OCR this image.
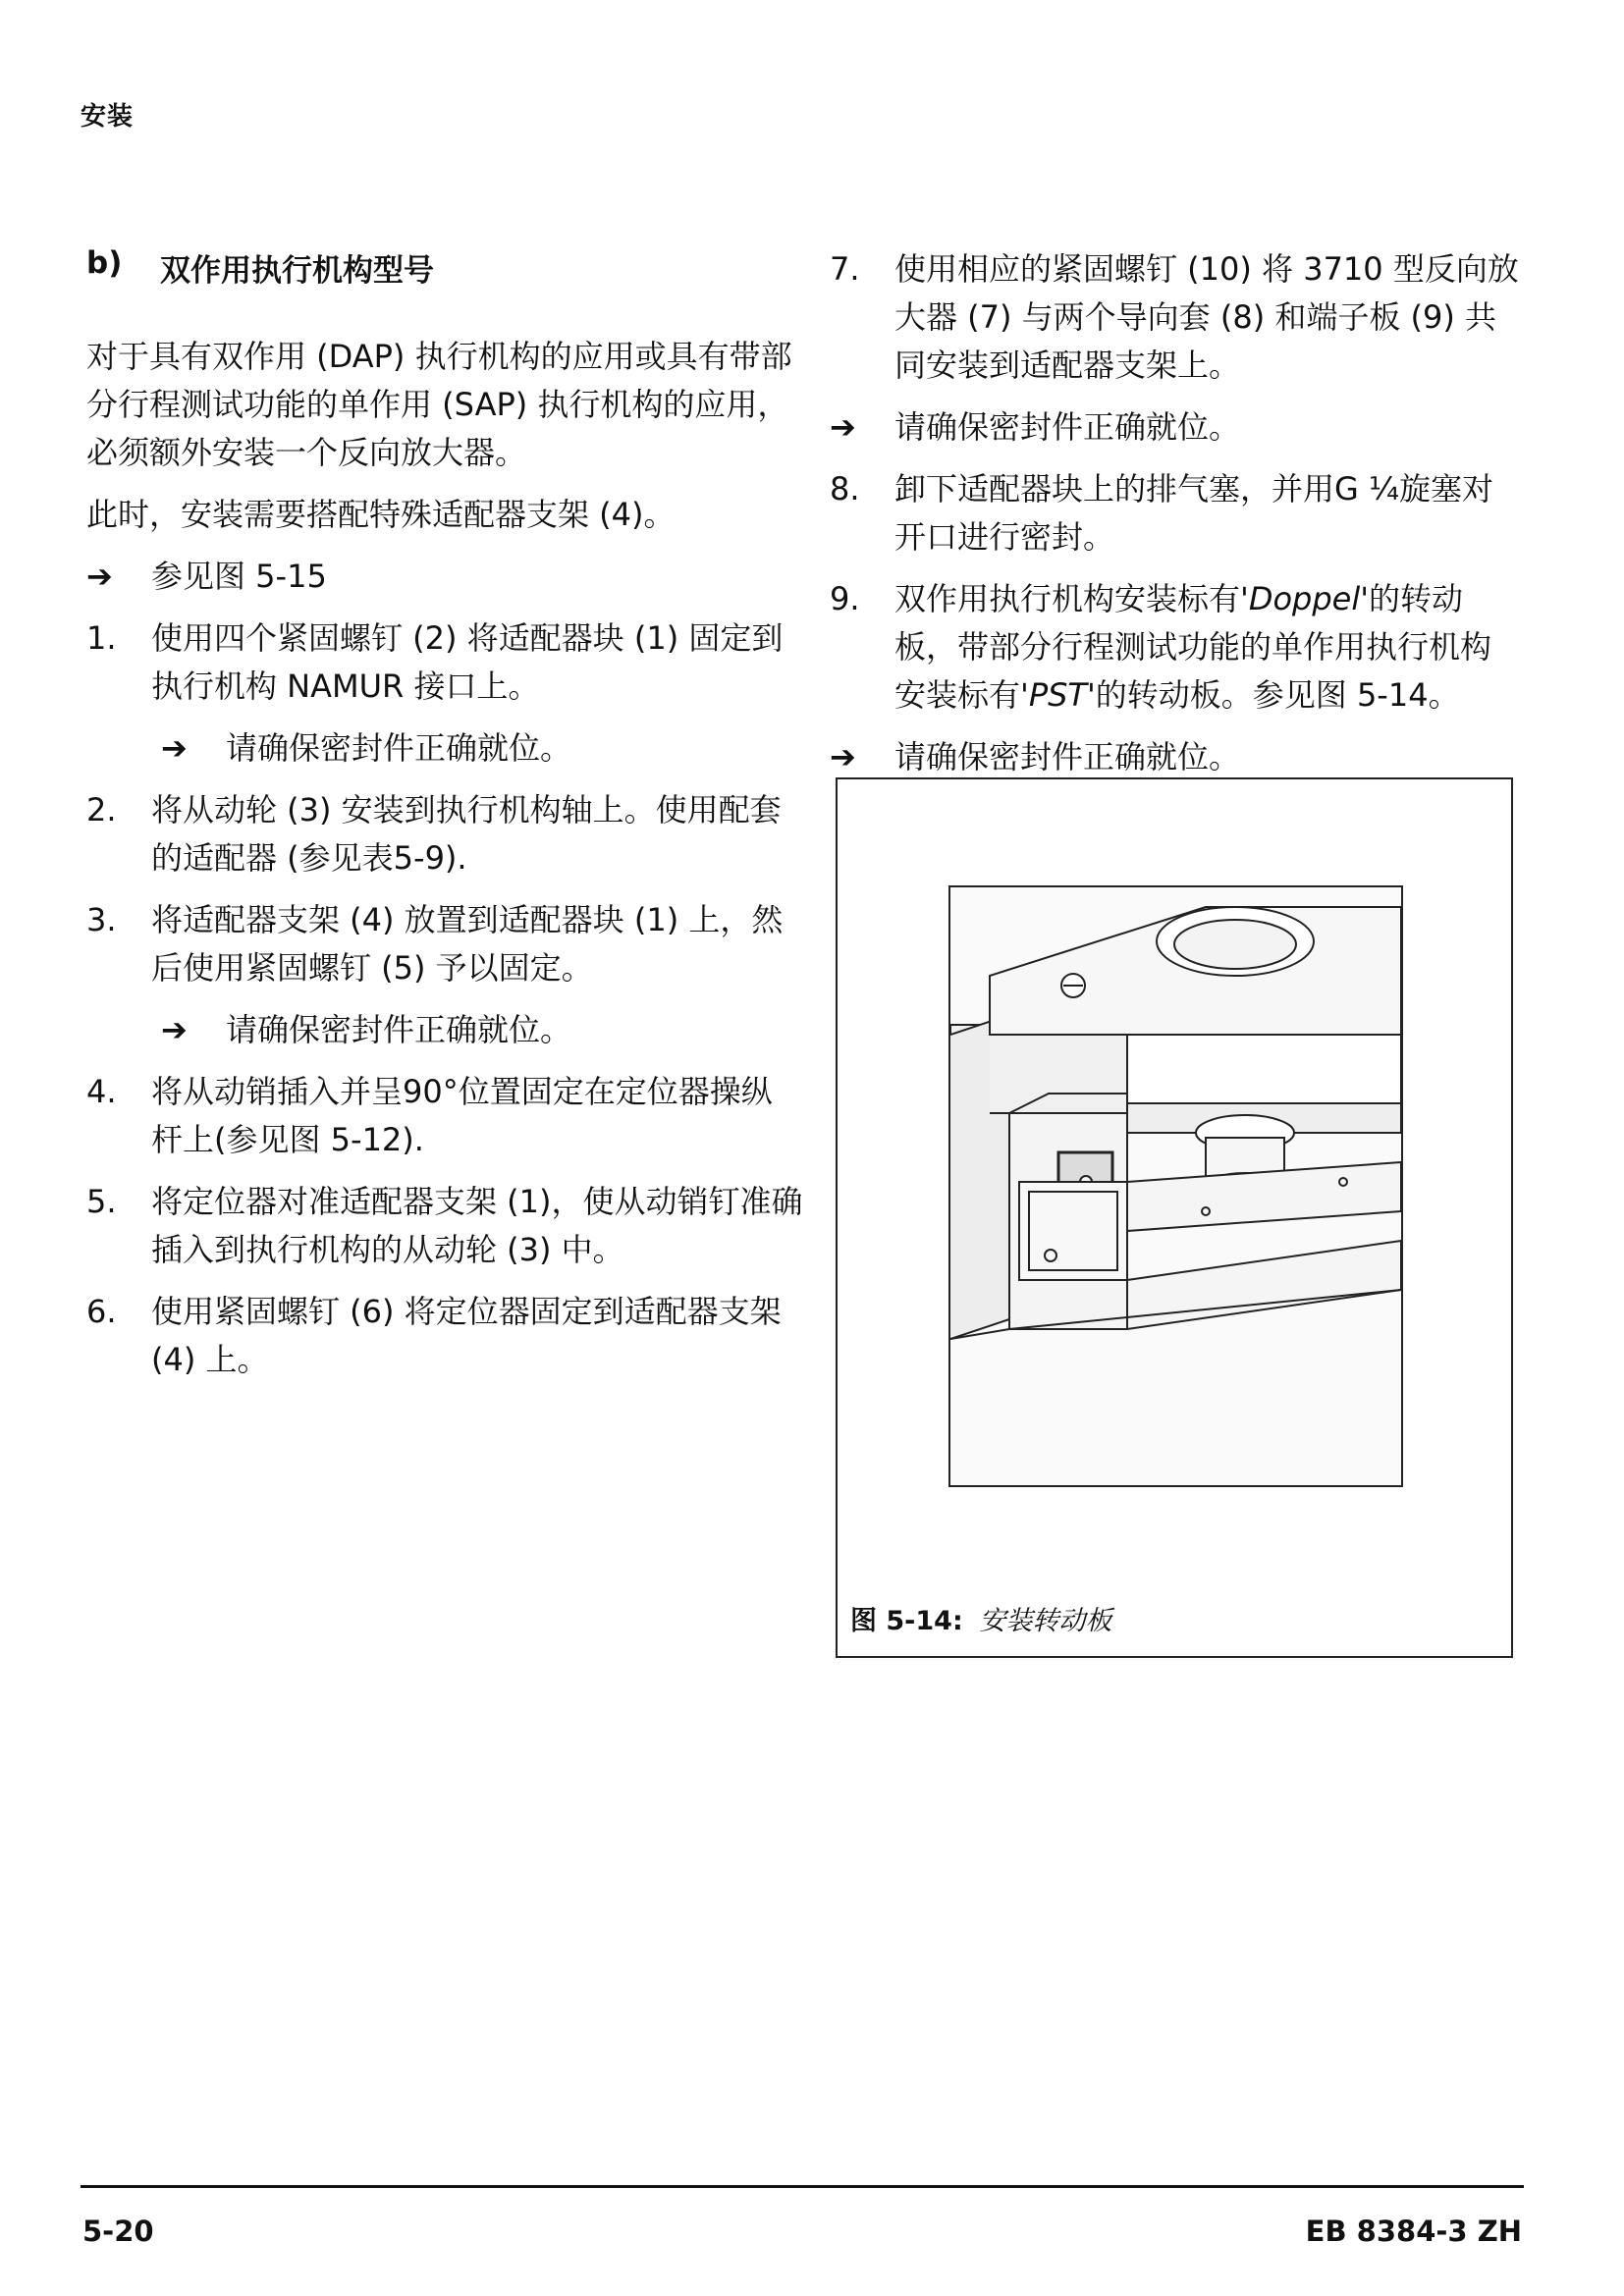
安装
b)	双作用执行机构型号

对于具有双作用 (DAP) 执行机构的应用或具有带部分行程测试功能的单作用 (SAP) 执行机构的应用，必须额外安装一个反向放大器。

此时，安装需要搭配特殊适配器支架 (4)。

➔	参见图 5-15
1.	使用四个紧固螺钉 (2) 将适配器块 (1) 固定到执行机构 NAMUR 接口上。
➔	请确保密封件正确就位。
2.	将从动轮 (3) 安装到执行机构轴上。使用配套的适配器 (参见表5-9).
3.	将适配器支架 (4) 放置到适配器块 (1) 上，然后使用紧固螺钉 (5) 予以固定。
➔	请确保密封件正确就位。
4.	将从动销插入并呈90°位置固定在定位器操纵杆上(参见图 5-12).
5.	将定位器对准适配器支架 (1)，使从动销钉准确插入到执行机构的从动轮 (3) 中。
6.	使用紧固螺钉 (6) 将定位器固定到适配器支架 (4) 上。
7.	使用相应的紧固螺钉 (10) 将 3710 型反向放大器 (7) 与两个导向套 (8) 和端子板 (9) 共同安装到适配器支架上。
➔	请确保密封件正确就位。
8.	卸下适配器块上的排气塞，并用G ¼旋塞对开口进行密封。
9.	双作用执行机构安装标有'Doppel'的转动板，带部分行程测试功能的单作用执行机构安装标有'PST'的转动板。参见图 5-14。
➔	请确保密封件正确就位。
图 5-14: 安装转动板
5-20	EB 8384-3 ZH
